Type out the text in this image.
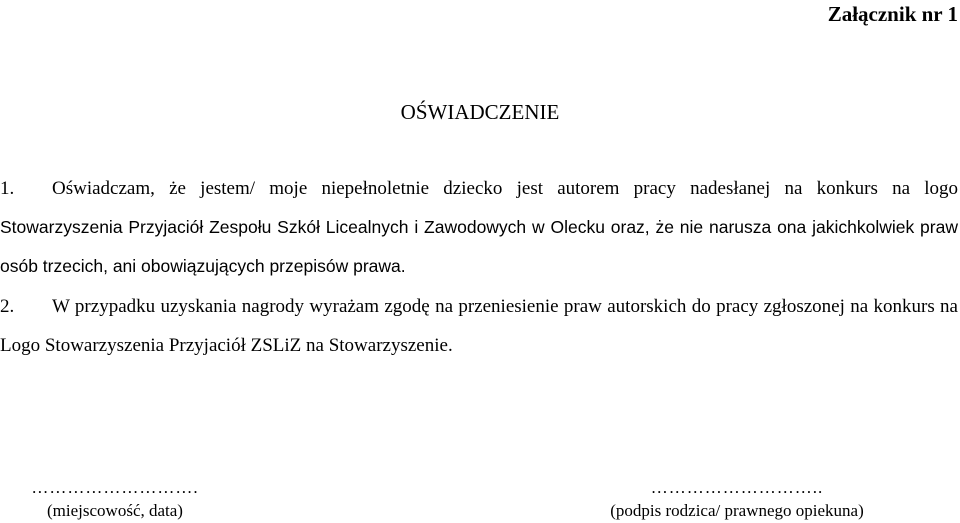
Załącznik nr 1
OŚWIADCZENIE
1.	Oświadczam, że jestem/ moje niepełnoletnie dziecko jest autorem pracy nadesłanej na konkurs na logo Stowarzyszenia Przyjaciół Zespołu Szkół Licealnych i Zawodowych w Olecku oraz, że nie narusza ona jakichkolwiek praw osób trzecich, ani obowiązujących przepisów prawa.

2.	W przypadku uzyskania nagrody wyrażam zgodę na przeniesienie praw autorskich do pracy zgłoszonej na konkurs na Logo Stowarzyszenia Przyjaciół ZSLiZ na Stowarzyszenie.

……………………….
(miejscowość, data)
………………………..
(podpis rodzica/ prawnego opiekuna)
